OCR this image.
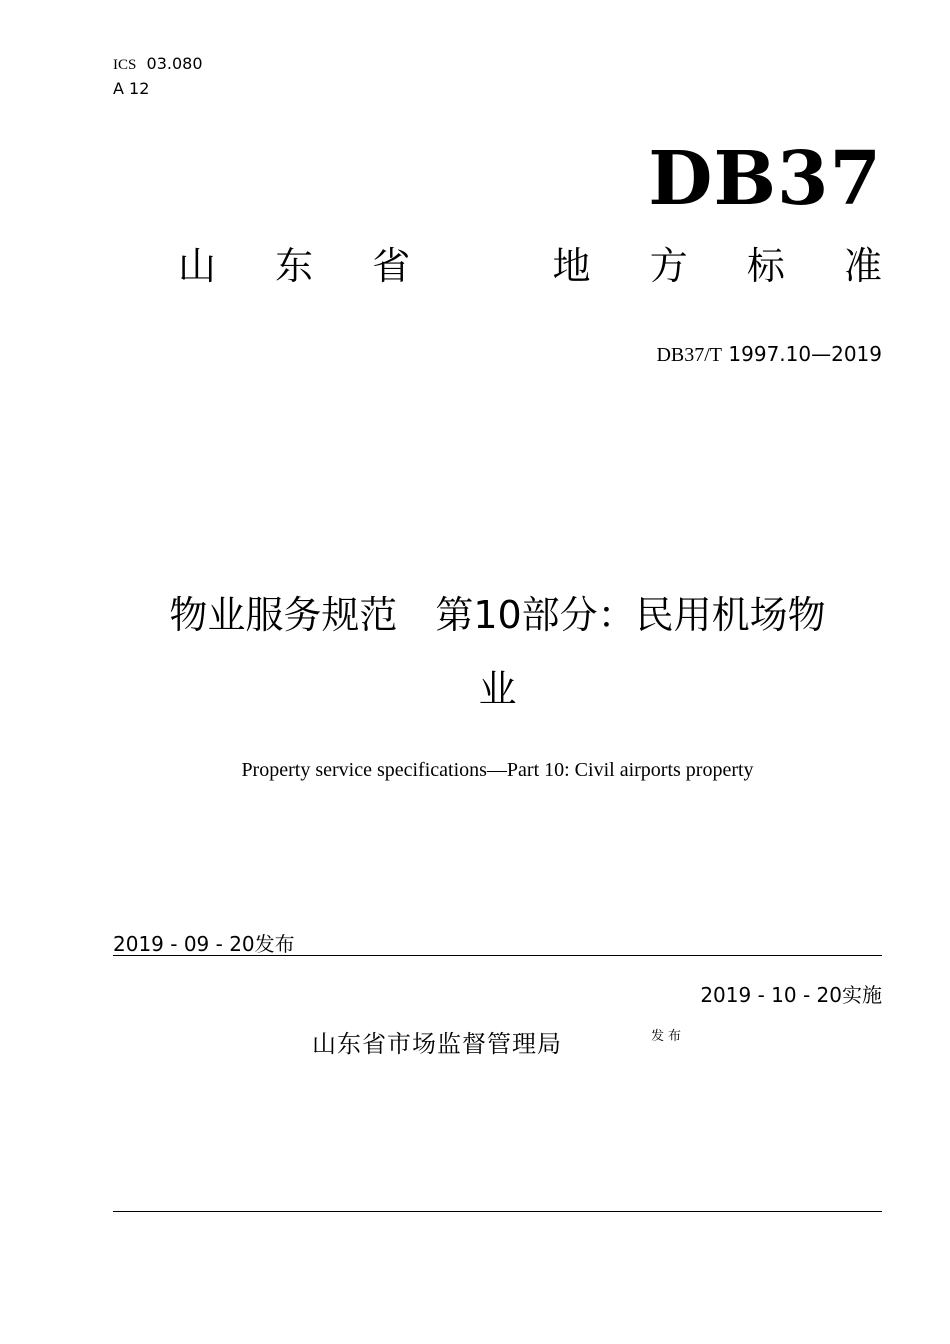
ICS 03.080
A 12
DB37
山 东 省	地 方 标 准
DB37/T 1997.10—2019
物业服务规范　第10部分：民用机场物
业
Property service specifications—Part 10: Civil airports property
2019 - 09 - 20发布
2019 - 10 - 20实施
山东省市场监督管理局	发布
